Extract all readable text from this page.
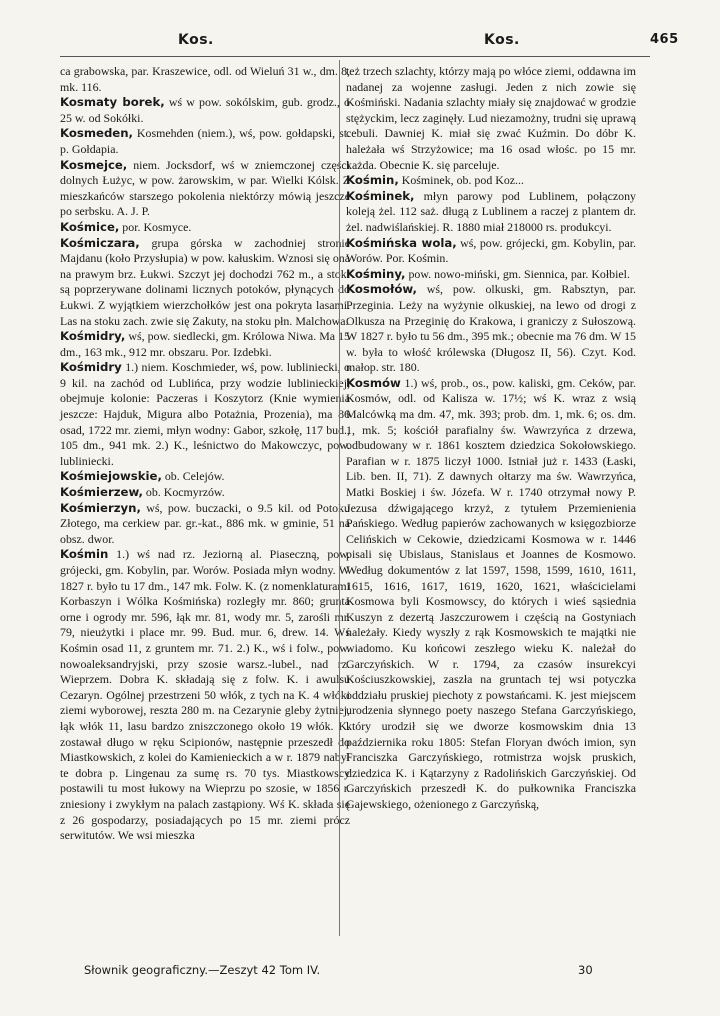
Kos.	Kos.	465

ca grabowska, par. Kraszewice, odl. od Wieluń 31 w., dm. 8, mk. 116.

Kosmaty borek, wś w pow. sokólskim, gub. grodz., o 25 w. od Sokółki.

Kosmeden, Kosmehden (niem.), wś, pow. gołdapski, st. p. Gołdapia.

Kosmejce, niem. Jocksdorf, wś w zniemczonej części dolnych Łużyc, w pow. żarowskim, w par. Wielki Kólsk. Z mieszkańców starszego pokolenia niektórzy mówią jeszcze po serbsku. A. J. P.

Kośmice, por. Kosmyce.

Kośmiczara, grupa górska w zachodniej stronie Majdanu (koło Przysłupia) w pow. kałuskim. Wznosi się ona na prawym brz. Łukwi. Szczyt jej dochodzi 762 m., a stoki są poprzerywane dolinami licznych potoków, płynących do Łukwi. Z wyjątkiem wierzchołków jest ona pokryta lasami. Las na stoku zach. zwie się Zakuty, na stoku płn. Malchowa.

Kośmidry, wś, pow. siedlecki, gm. Królowa Niwa. Ma 15 dm., 163 mk., 912 mr. obszaru. Por. Izdebki.

Kośmidry 1.) niem. Koschmieder, wś, pow. lubliniecki, o 9 kil. na zachód od Lublińca, przy wodzie lublinieckiej, obejmuje kolonie: Paczeras i Koszytorz (Knie wymienia jeszcze: Hajduk, Migura albo Potażnia, Prozenia), ma 86 osad, 1722 mr. ziemi, młyn wodny: Gabor, szkołę, 117 bud., 105 dm., 941 mk. 2.) K., leśnictwo do Makowczyc, pow. lubliniecki.

Kośmiejowskie, ob. Celejów.

Kośmierzew, ob. Kocmyrzów.

Kośmierzyn, wś, pow. buczacki, o 9.5 kil. od Potoku Złotego, ma cerkiew par. gr.-kat., 886 mk. w gminie, 51 na obsz. dwor.

Kośmin 1.) wś nad rz. Jeziorną al. Piaseczną, pow. grójecki, gm. Kobylin, par. Worów. Posiada młyn wodny. W 1827 r. było tu 17 dm., 147 mk. Folw. K. (z nomenklaturami Korbaszyn i Wólka Kośmińska) rozległy mr. 860; grunta orne i ogrody mr. 596, łąk mr. 81, wody mr. 5, zarośli mr. 79, nieużytki i place mr. 99. Bud. mur. 6, drew. 14. Wś Kośmin osad 11, z gruntem mr. 71. 2.) K., wś i folw., pow. nowoaleksandryjski, przy szosie warsz.-lubel., nad rz. Wieprzem. Dobra K. składają się z folw. K. i awulsu Cezaryn. Ogólnej przestrzeni 50 włók, z tych na K. 4 włóki ziemi wyborowej, reszta 280 m. na Cezarynie gleby żytniej, łąk włók 11, lasu bardzo zniszczonego około 19 włók. K. zostawał długo w ręku Scipionów, następnie przeszedł do Miastkowskich, z kolei do Kamienieckich a w r. 1879 nabył te dobra p. Lingenau za sumę rs. 70 tys. Miastkowscy postawili tu most łukowy na Wieprzu po szosie, w 1856 r. zniesiony i zwykłym na palach zastąpiony. Wś K. składa się z 26 gospodarzy, posiadających po 15 mr. ziemi prócz serwitutów. We wsi mieszka

też trzech szlachty, którzy mają po włóce ziemi, oddawna im nadanej za wojenne zasługi. Jeden z nich zowie się Kośmiński. Nadania szlachty miały się znajdować w grodzie stężyckim, lecz zaginęły. Lud niezamożny, trudni się uprawą cebuli. Dawniej K. miał się zwać Kuźmin. Do dóbr K. hależała wś Strzyżowice; ma 16 osad włośc. po 15 mr. każda. Obecnie K. się parceluje.

Kośmin, Kośminek, ob. pod Koz...

Kośminek, młyn parowy pod Lublinem, połączony koleją żel. 112 saż. długą z Lublinem a raczej z plantem dr. żel. nadwiślańskiej. R. 1880 miał 218000 rs. produkcyi.

Kośmińska wola, wś, pow. grójecki, gm. Kobylin, par. Worów. Por. Kośmin.

Kośminy, pow. nowo-miński, gm. Siennica, par. Kołbiel.

Kosmołów, wś, pow. olkuski, gm. Rabsztyn, par. Przeginia. Leży na wyżynie olkuskiej, na lewo od drogi z Olkusza na Przeginię do Krakowa, i graniczy z Sułoszową. W 1827 r. było tu 56 dm., 395 mk.; obecnie ma 76 dm. W 15 w. była to włość królewska (Długosz II, 56). Czyt. Kod. małop. str. 180.

Kosmów 1.) wś, prob., os., pow. kaliski, gm. Ceków, par. Kosmów, odl. od Kalisza w. 17½; wś K. wraz z wsią Malcówką ma dm. 47, mk. 393; prob. dm. 1, mk. 6; os. dm. 1, mk. 5; kościół parafialny św. Wawrzyńca z drzewa, odbudowany w r. 1861 kosztem dziedzica Sokołowskiego. Parafian w r. 1875 liczył 1000. Istniał już r. 1433 (Łaski, Lib. ben. II, 71). Z dawnych ołtarzy ma św. Wawrzyńca, Matki Boskiej i św. Józefa. W r. 1740 otrzymał nowy P. Jezusa dźwigającego krzyż, z tytułem Przemienienia Pańskiego. Według papierów zachowanych w księgozbiorze Celińskich w Cekowie, dziedzicami Kosmowa w r. 1446 pisali się Ubislaus, Stanislaus et Joannes de Kosmowo. Według dokumentów z lat 1597, 1598, 1599, 1610, 1611, 1615, 1616, 1617, 1619, 1620, 1621, właścicielami Kosmowa byli Kosmowscy, do których i wieś sąsiednia Kuszyn z dezertą Jaszczurowem i częścią na Gostyniach należały. Kiedy wyszły z rąk Kosmowskich te majątki nie wiadomo. Ku końcowi zeszłego wieku K. należał do Garczyńskich. W r. 1794, za czasów insurekcyi Kościuszkowskiej, zaszła na gruntach tej wsi potyczka oddziału pruskiej piechoty z powstańcami. K. jest miejscem urodzenia słynnego poety naszego Stefana Garczyńskiego, który urodził się we dworze kosmowskim dnia 13 października roku 1805: Stefan Floryan dwóch imion, syn Franciszka Garczyńskiego, rotmistrza wojsk pruskich, dziedzica K. i Kątarzyny z Radolińskich Garczyńskiej. Od Garczyńskich przeszedł K. do pułkownika Franciszka Gajewskiego, ożenionego z Garczyńską,

Słownik geograficzny.—Zeszyt 42 Tom IV.	30
